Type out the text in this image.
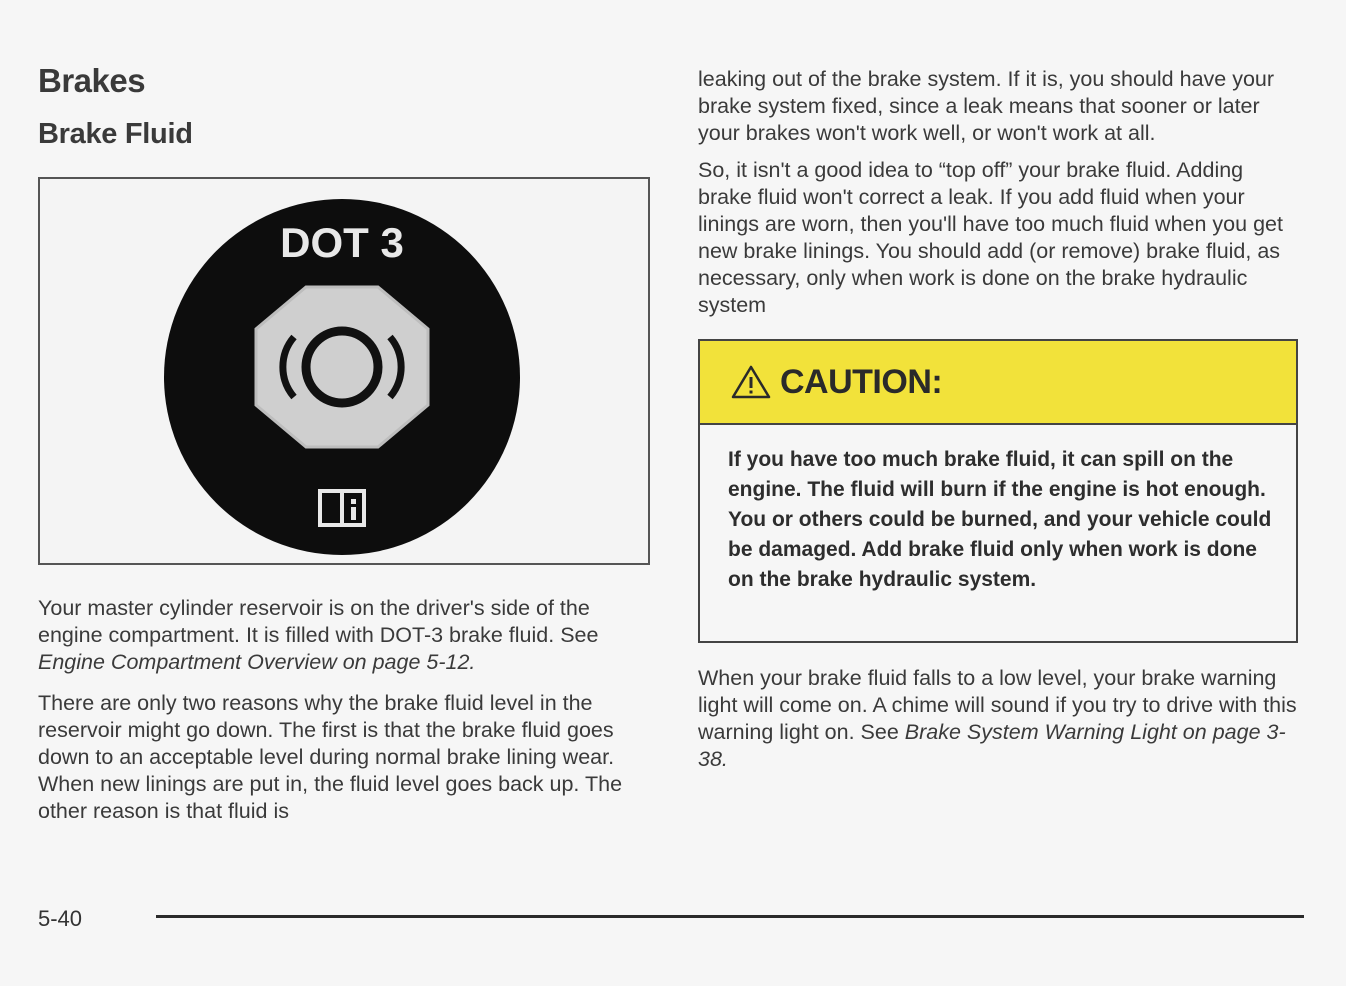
Brakes
Brake Fluid
DOT 3

Your master cylinder reservoir is on the driver's side of the engine compartment. It is filled with DOT-3 brake fluid. See Engine Compartment Overview on page 5-12.

There are only two reasons why the brake fluid level in the reservoir might go down. The first is that the brake fluid goes down to an acceptable level during normal brake lining wear. When new linings are put in, the fluid level goes back up. The other reason is that fluid is

leaking out of the brake system. If it is, you should have your brake system fixed, since a leak means that sooner or later your brakes won't work well, or won't work at all.

So, it isn't a good idea to “top off” your brake fluid. Adding brake fluid won't correct a leak. If you add fluid when your linings are worn, then you'll have too much fluid when you get new brake linings. You should add (or remove) brake fluid, as necessary, only when work is done on the brake hydraulic system

CAUTION:

If you have too much brake fluid, it can spill on the engine. The fluid will burn if the engine is hot enough. You or others could be burned, and your vehicle could be damaged. Add brake fluid only when work is done on the brake hydraulic system.

When your brake fluid falls to a low level, your brake warning light will come on. A chime will sound if you try to drive with this warning light on. See Brake System Warning Light on page 3-38.

5-40
